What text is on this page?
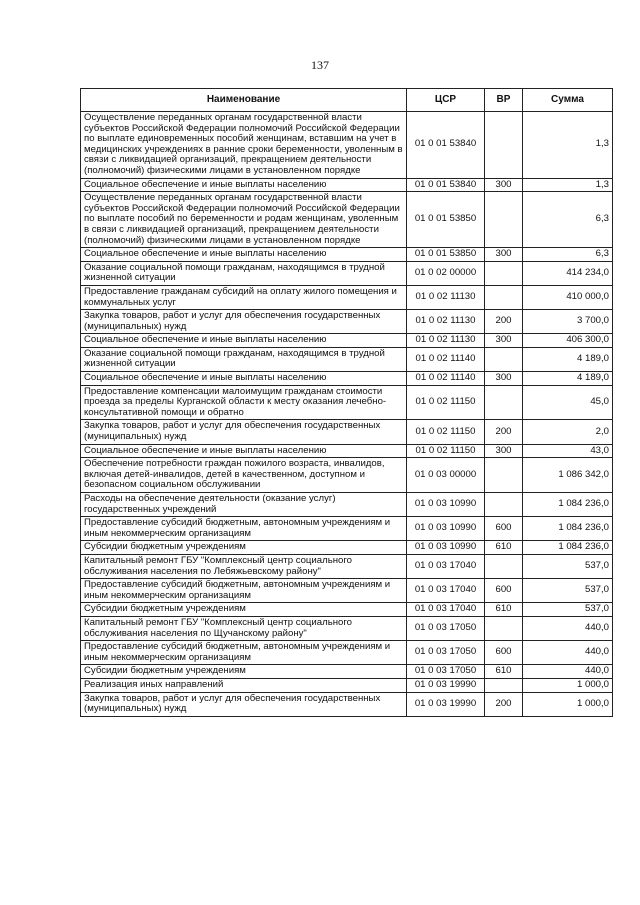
137
Наименование	ЦСР	ВР	Сумма
Осуществление переданных органам государственной власти субъектов Российской Федерации полномочий Российской Федерации по выплате единовременных пособий женщинам, вставшим на учет в медицинских учреждениях в ранние сроки беременности, уволенным в связи с ликвидацией организаций, прекращением деятельности (полномочий) физическими лицами в установленном порядке	01 0 01 53840		1,3
Социальное обеспечение и иные выплаты населению	01 0 01 53840	300	1,3
Осуществление переданных органам государственной власти субъектов Российской Федерации полномочий Российской Федерации по выплате пособий по беременности и родам женщинам, уволенным в связи с ликвидацией организаций, прекращением деятельности (полномочий) физическими лицами в установленном порядке	01 0 01 53850		6,3
Социальное обеспечение и иные выплаты населению	01 0 01 53850	300	6,3
Оказание социальной помощи гражданам, находящимся в трудной жизненной ситуации	01 0 02 00000		414 234,0
Предоставление гражданам субсидий на оплату жилого помещения и коммунальных услуг	01 0 02 11130		410 000,0
Закупка товаров, работ и услуг для обеспечения государственных (муниципальных) нужд	01 0 02 11130	200	3 700,0
Социальное обеспечение и иные выплаты населению	01 0 02 11130	300	406 300,0
Оказание социальной помощи гражданам, находящимся в трудной жизненной ситуации	01 0 02 11140		4 189,0
Социальное обеспечение и иные выплаты населению	01 0 02 11140	300	4 189,0
Предоставление компенсации малоимущим гражданам стоимости проезда за пределы Курганской области к месту оказания лечебно-консультативной помощи и обратно	01 0 02 11150		45,0
Закупка товаров, работ и услуг для обеспечения государственных (муниципальных) нужд	01 0 02 11150	200	2,0
Социальное обеспечение и иные выплаты населению	01 0 02 11150	300	43,0
Обеспечение потребности граждан пожилого возраста, инвалидов, включая детей-инвалидов, детей в качественном, доступном и безопасном социальном обслуживании	01 0 03 00000		1 086 342,0
Расходы на обеспечение деятельности (оказание услуг) государственных учреждений	01 0 03 10990		1 084 236,0
Предоставление субсидий бюджетным, автономным учреждениям и иным некоммерческим организациям	01 0 03 10990	600	1 084 236,0
Субсидии бюджетным учреждениям	01 0 03 10990	610	1 084 236,0
Капитальный ремонт ГБУ "Комплексный центр социального обслуживания населения по Лебяжьевскому району"	01 0 03 17040		537,0
Предоставление субсидий бюджетным, автономным учреждениям и иным некоммерческим организациям	01 0 03 17040	600	537,0
Субсидии бюджетным учреждениям	01 0 03 17040	610	537,0
Капитальный ремонт ГБУ "Комплексный центр социального обслуживания населения по Щучанскому району"	01 0 03 17050		440,0
Предоставление субсидий бюджетным, автономным учреждениям и иным некоммерческим организациям	01 0 03 17050	600	440,0
Субсидии бюджетным учреждениям	01 0 03 17050	610	440,0
Реализация иных направлений	01 0 03 19990		1 000,0
Закупка товаров, работ и услуг для обеспечения государственных (муниципальных) нужд	01 0 03 19990	200	1 000,0
